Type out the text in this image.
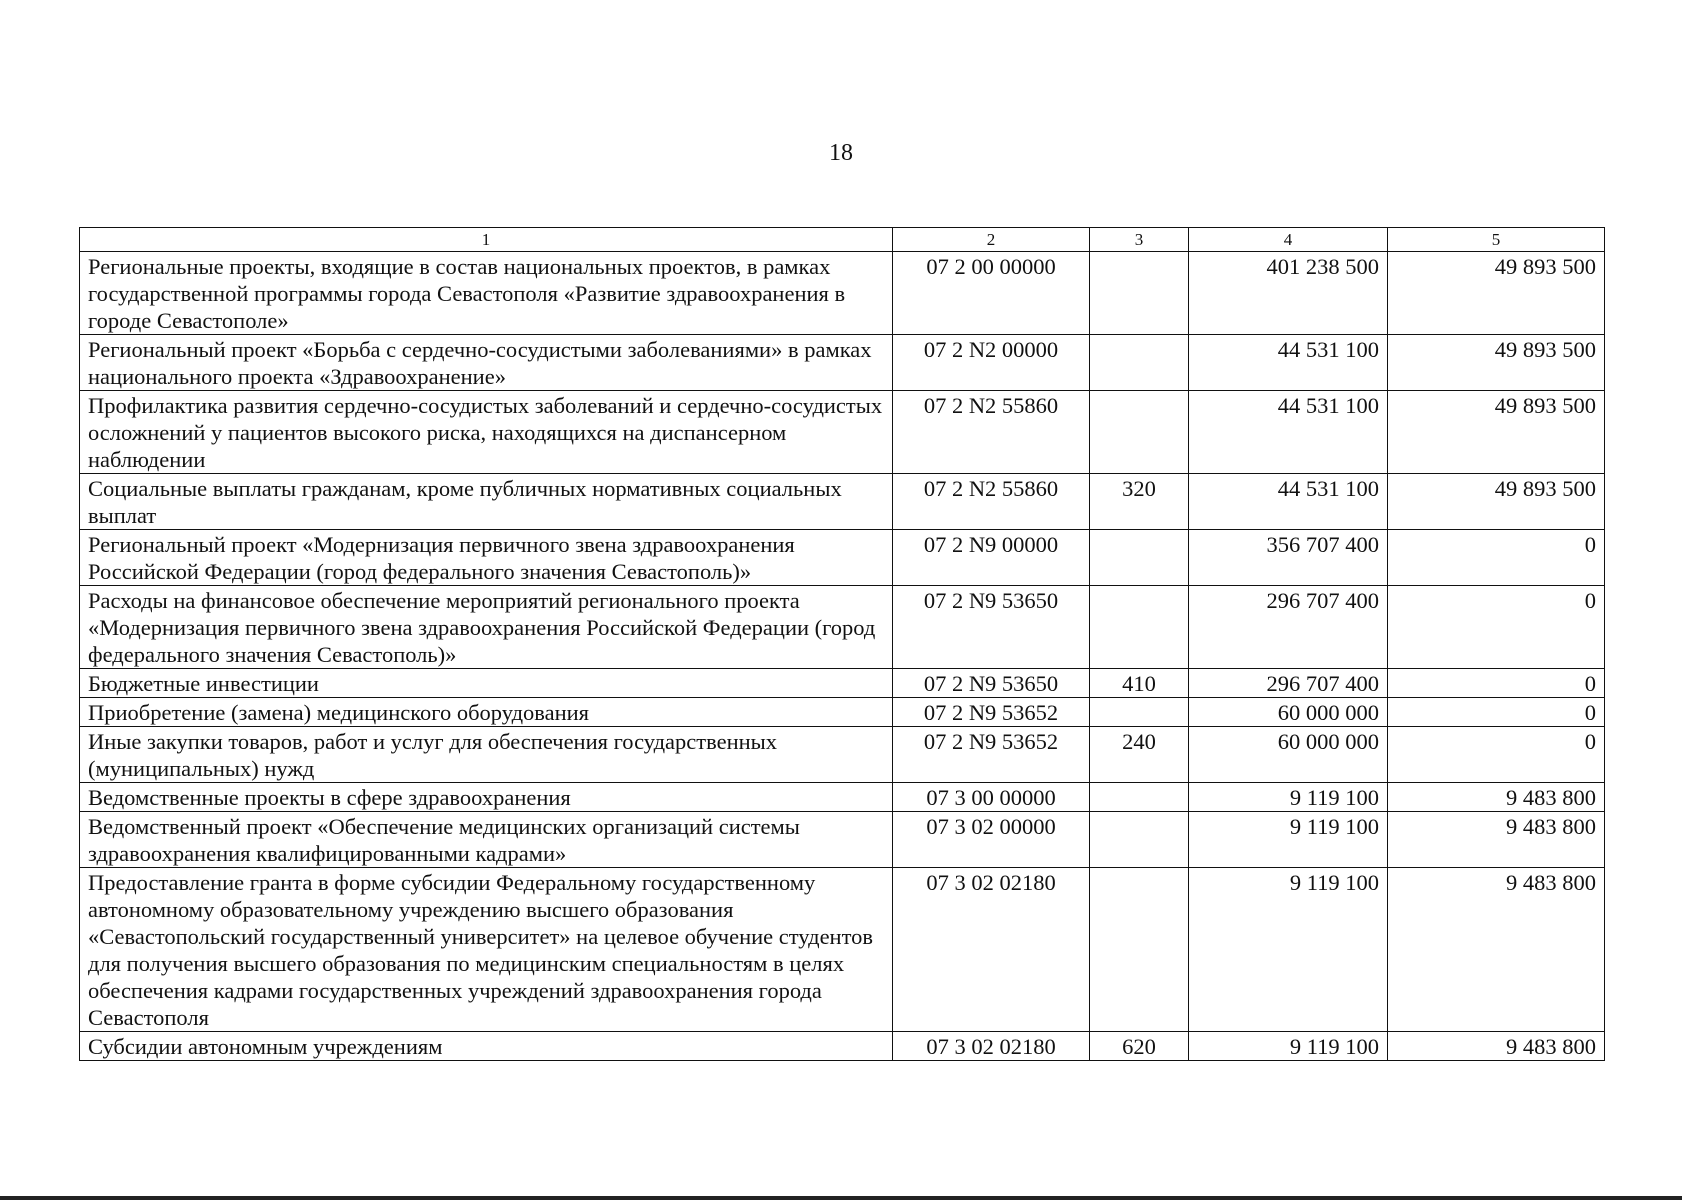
18
1	2	3	4	5
Региональные проекты, входящие в состав национальных проектов, в рамках государственной программы города Севастополя «Развитие здравоохранения в городе Севастополе»	07 2 00 00000		401 238 500	49 893 500
Региональный проект «Борьба с сердечно-сосудистыми заболеваниями» в рамках национального проекта «Здравоохранение»	07 2 N2 00000		44 531 100	49 893 500
Профилактика развития сердечно-сосудистых заболеваний и сердечно-сосудистых осложнений у пациентов высокого риска, находящихся на диспансерном наблюдении	07 2 N2 55860		44 531 100	49 893 500
Социальные выплаты гражданам, кроме публичных нормативных социальных выплат	07 2 N2 55860	320	44 531 100	49 893 500
Региональный проект «Модернизация первичного звена здравоохранения Российской Федерации (город федерального значения Севастополь)»	07 2 N9 00000		356 707 400	0
Расходы на финансовое обеспечение мероприятий регионального проекта «Модернизация первичного звена здравоохранения Российской Федерации (город федерального значения Севастополь)»	07 2 N9 53650		296 707 400	0
Бюджетные инвестиции	07 2 N9 53650	410	296 707 400	0
Приобретение (замена) медицинского оборудования	07 2 N9 53652		60 000 000	0
Иные закупки товаров, работ и услуг для обеспечения государственных (муниципальных) нужд	07 2 N9 53652	240	60 000 000	0
Ведомственные проекты в сфере здравоохранения	07 3 00 00000		9 119 100	9 483 800
Ведомственный проект «Обеспечение медицинских организаций системы здравоохранения квалифицированными кадрами»	07 3 02 00000		9 119 100	9 483 800
Предоставление гранта в форме субсидии Федеральному государственному автономному образовательному учреждению высшего образования «Севастопольский государственный университет» на целевое обучение студентов для получения высшего образования по медицинским специальностям в целях обеспечения кадрами государственных учреждений здравоохранения города Севастополя	07 3 02 02180		9 119 100	9 483 800
Субсидии автономным учреждениям	07 3 02 02180	620	9 119 100	9 483 800
